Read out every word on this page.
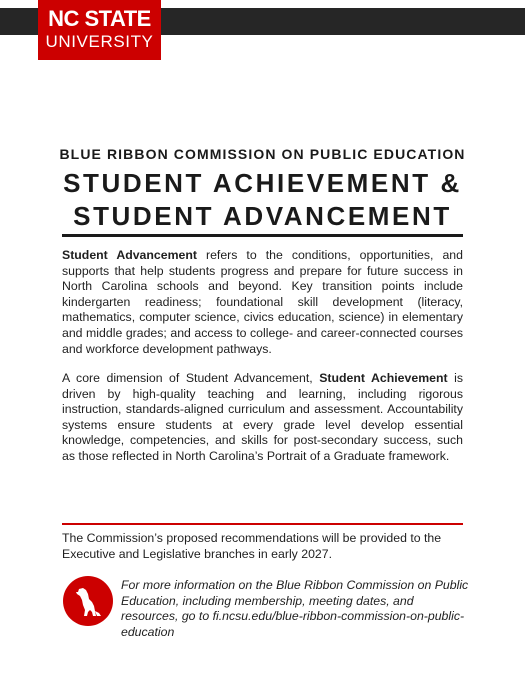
NC STATE
UNIVERSITY
BLUE RIBBON COMMISSION ON PUBLIC EDUCATION
STUDENT ACHIEVEMENT &
STUDENT ADVANCEMENT

Student Advancement refers to the conditions, opportunities, and supports that help students progress and prepare for future success in North Carolina schools and beyond. Key transition points include kindergarten readiness; foundational skill development (literacy, mathematics, computer science, civics education, science) in elementary and middle grades; and access to college- and career-connected courses and workforce development pathways.

A core dimension of Student Advancement, Student Achievement is driven by high-quality teaching and learning, including rigorous instruction, standards-aligned curriculum and assessment. Accountability systems ensure students at every grade level develop essential knowledge, competencies, and skills for post-secondary success, such as those reflected in North Carolina’s Portrait of a Graduate framework.

The Commission’s proposed recommendations will be provided to the Executive and Legislative branches in early 2027.

For more information on the Blue Ribbon Commission on Public Education, including membership, meeting dates, and resources, go to fi.ncsu.edu/blue-ribbon-commission-on-public-education
